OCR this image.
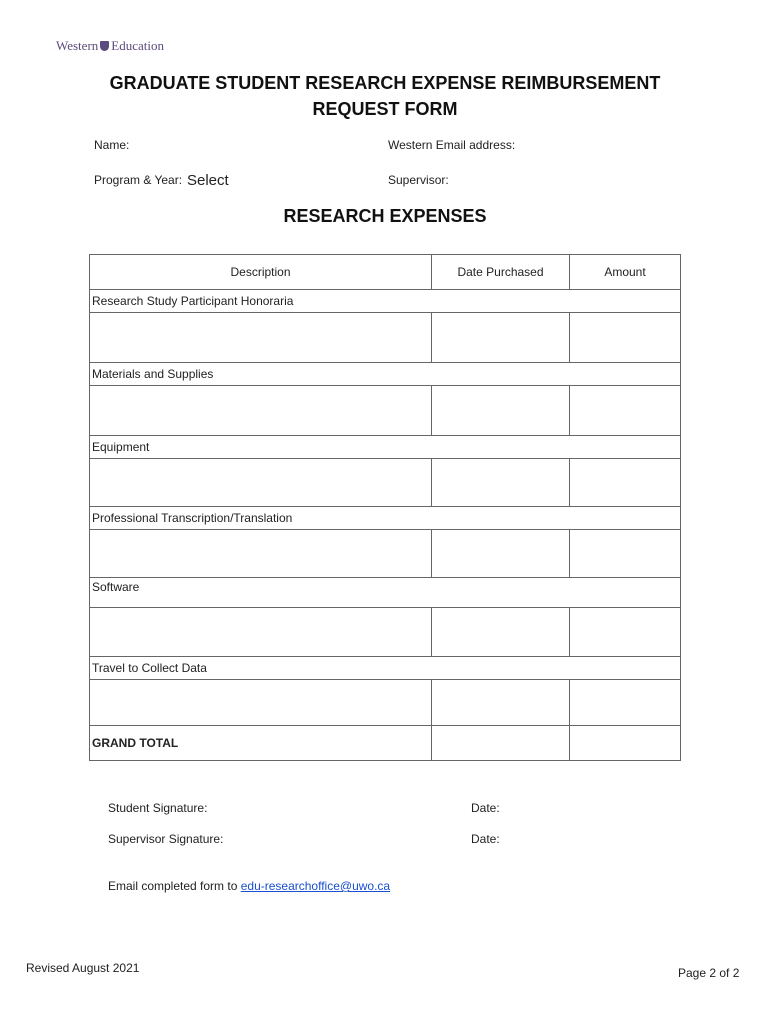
Western Education
GRADUATE STUDENT RESEARCH EXPENSE REIMBURSEMENT
REQUEST FORM
Name:	Western Email address:
Program & Year: Select	Supervisor:
RESEARCH EXPENSES
Description	Date Purchased	Amount
Research Study Participant Honoraria		

Materials and Supplies		

Equipment		

Professional Transcription/Translation		

Software		

Travel to Collect Data		

GRAND TOTAL		
Student Signature:	Date:
Supervisor Signature:	Date:
Email completed form to edu-researchoffice@uwo.ca
Revised August 2021	Page 2 of 2
